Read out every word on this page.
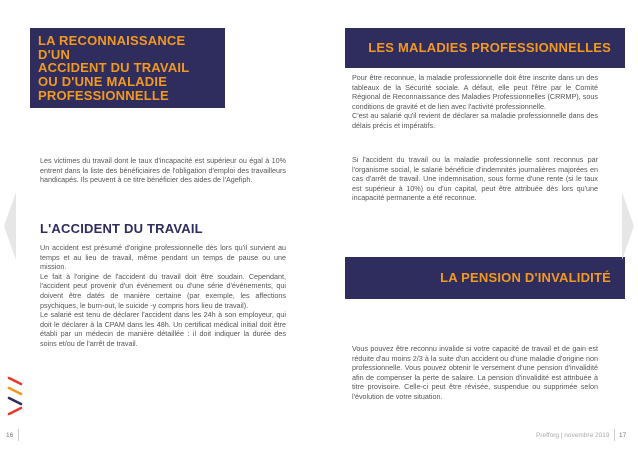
LA RECONNAISSANCE D'UN
ACCIDENT DU TRAVAIL
OU D'UNE MALADIE
PROFESSIONNELLE

Les victimes du travail dont le taux d'incapacité est supérieur ou égal à 10% entrent dans la liste des bénéficiaires de l'obligation d'emploi des travailleurs handicapés. Ils peuvent à ce titre bénéficier des aides de l'Agefiph.

L'ACCIDENT DU TRAVAIL

Un accident est présumé d'origine professionnelle dès lors qu'il survient au temps et au lieu de travail, même pendant un temps de pause ou une mission.

Le fait à l'origine de l'accident du travail doit être soudain. Cependant, l'accident peut provenir d'un événement ou d'une série d'événements, qui doivent être datés de manière certaine (par exemple, les affections psychiques, le burn-out, le suicide -y compris hors lieu de travail).

Le salarié est tenu de déclarer l'accident dans les 24h à son employeur, qui doit le déclarer à la CPAM dans les 48h. Un certificat médical initial doit être établi par un médecin de manière détaillée : il doit indiquer la durée des soins et/ou de l'arrêt de travail.

16
LES MALADIES PROFESSIONNELLES

Pour être reconnue, la maladie professionnelle doit être inscrite dans un des tableaux de la Sécurité sociale. A défaut, elle peut l'être par le Comité Régional de Reconnaissance des Maladies Professionnelles (CRRMP), sous conditions de gravité et de lien avec l'activité professionnelle.

C'est au salarié qu'il revient de déclarer sa maladie professionnelle dans des délais précis et impératifs.

Si l'accident du travail ou la maladie professionnelle sont reconnus par l'organisme social, le salarié bénéficie d'indemnités journalières majorées en cas d'arrêt de travail. Une indemnisation, sous forme d'une rente (si le taux est supérieur à 10%) ou d'un capital, peut être attribuée dès lors qu'une incapacité permanente a été reconnue.

LA PENSION D'INVALIDITÉ

Vous pouvez être reconnu invalide si votre capacité de travail et de gain est réduite d'au moins 2/3 à la suite d'un accident ou d'une maladie d'origine non professionnelle. Vous pouvez obtenir le versement d'une pension d'invalidité afin de compenser la perte de salaire. La pension d'invalidité est attribuée à titre provisoire. Celle-ci peut être révisée, suspendue ou supprimée selon l'évolution de votre situation.

Prefforg | novembre 2019 17
